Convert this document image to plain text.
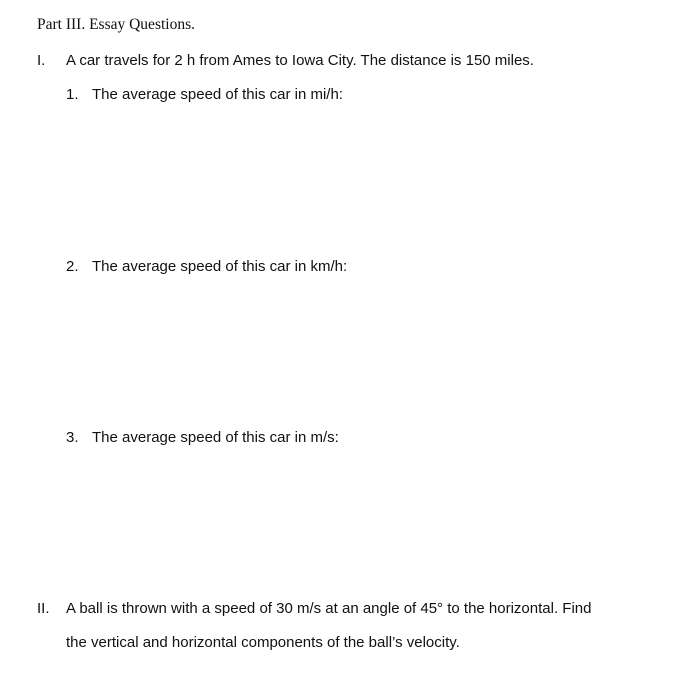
Part III. Essay Questions.
I. A car travels for 2 h from Ames to Iowa City. The distance is 150 miles.
1. The average speed of this car in mi/h:
2. The average speed of this car in km/h:
3. The average speed of this car in m/s:
II. A ball is thrown with a speed of 30 m/s at an angle of 45° to the horizontal. Find
the vertical and horizontal components of the ball’s velocity.
